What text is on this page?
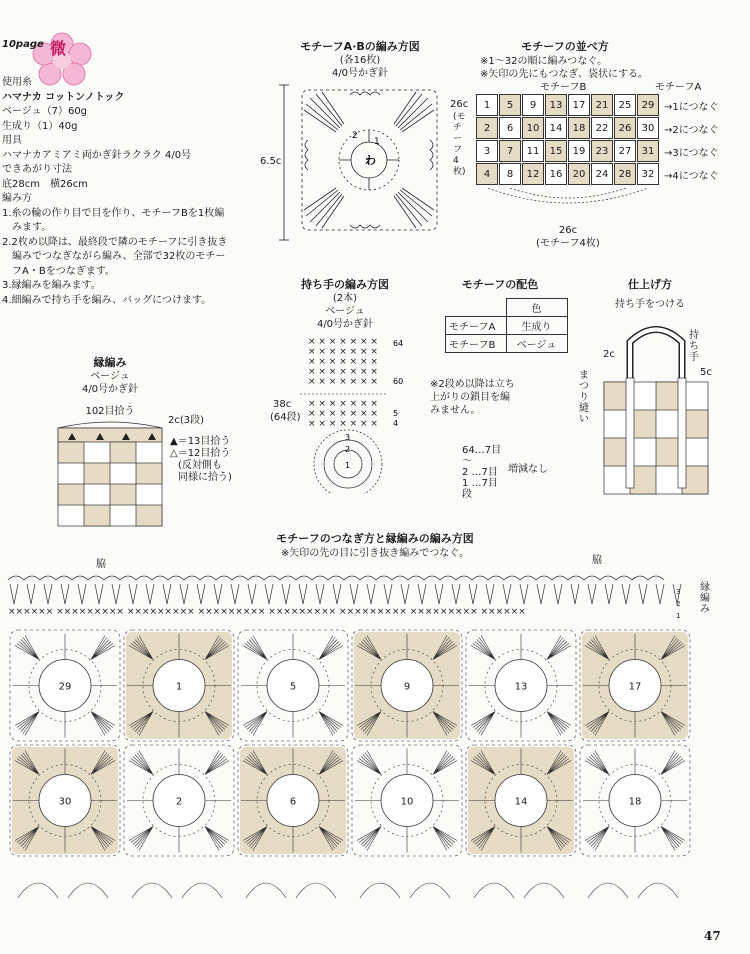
10page 微
使用糸
ハマナカ コットンノトック
ベージュ（7）60g
生成り（1）40g
用具
ハマナカアミアミ両かぎ針ラクラク 4/0号
できあがり寸法
底28cm　横26cm
編み方
1.糸の輪の作り目で目を作り、モチーフBを1枚編
　みます。
2.2枚め以降は、最終段で隣のモチーフに引き抜き
　編みでつなぎながら編み、全部で32枚のモチー
　フA・Bをつなぎます。
3.縁編みを編みます。
4.細編みで持ち手を編み、バッグにつけます。
モチーフA·Bの編み方図
(各16枚)
4/0号かぎ針
6.5c	わ
1
2
モチーフの並べ方
※1～32の順に編みつなぐ。
※矢印の先にもつなぎ、袋状にする。
モチーフB	モチーフA
26c
(モチーフ4枚)
1	5	9	13	17	21	25	29
2	6	10	14	18	22	26	30
3	7	11	15	19	23	27	31
4	8	12	16	20	24	28	32
→1につなぐ
→2につなぐ
→3につなぐ
→4につなぐ
26c
(モチーフ4枚)
持ち手の編み方図
(2本)
ベージュ
4/0号かぎ針
38c
(64段)
× × × × × × ×
× × × × × × ×
× × × × × × ×
× × × × × × ×
× × × × × × ×
× × × × × × ×
× × × × × × ×
× × × × × × ×
64
60
5
4
3
2
1
※2段め以降は立ち上がりの鎖目を編みません。
64…7目
～
2 …7目
1 …7目
段
増減なし
モチーフの配色
	色
モチーフA	生成り
モチーフB	ベージュ
仕上げ方
持ち手をつける
持ち手
2c
5c
まつり縫い
縁編み
ベージュ
4/0号かぎ針
102目拾う
2c(3段)
▲＝13目拾う
△＝12目拾う
(反対側も
同様に拾う)
モチーフのつなぎ方と縁編みの編み方図
※矢印の先の目に引き抜き編みでつなぐ。
脇	脇
縁編み
3
2
1
×××××× ××××××××× ××××××××× ××××××××× ××××××××× ××××××××× ××××××××× ××××××
29	1	5	9	13	17
30	2	6	10	14	18
47
